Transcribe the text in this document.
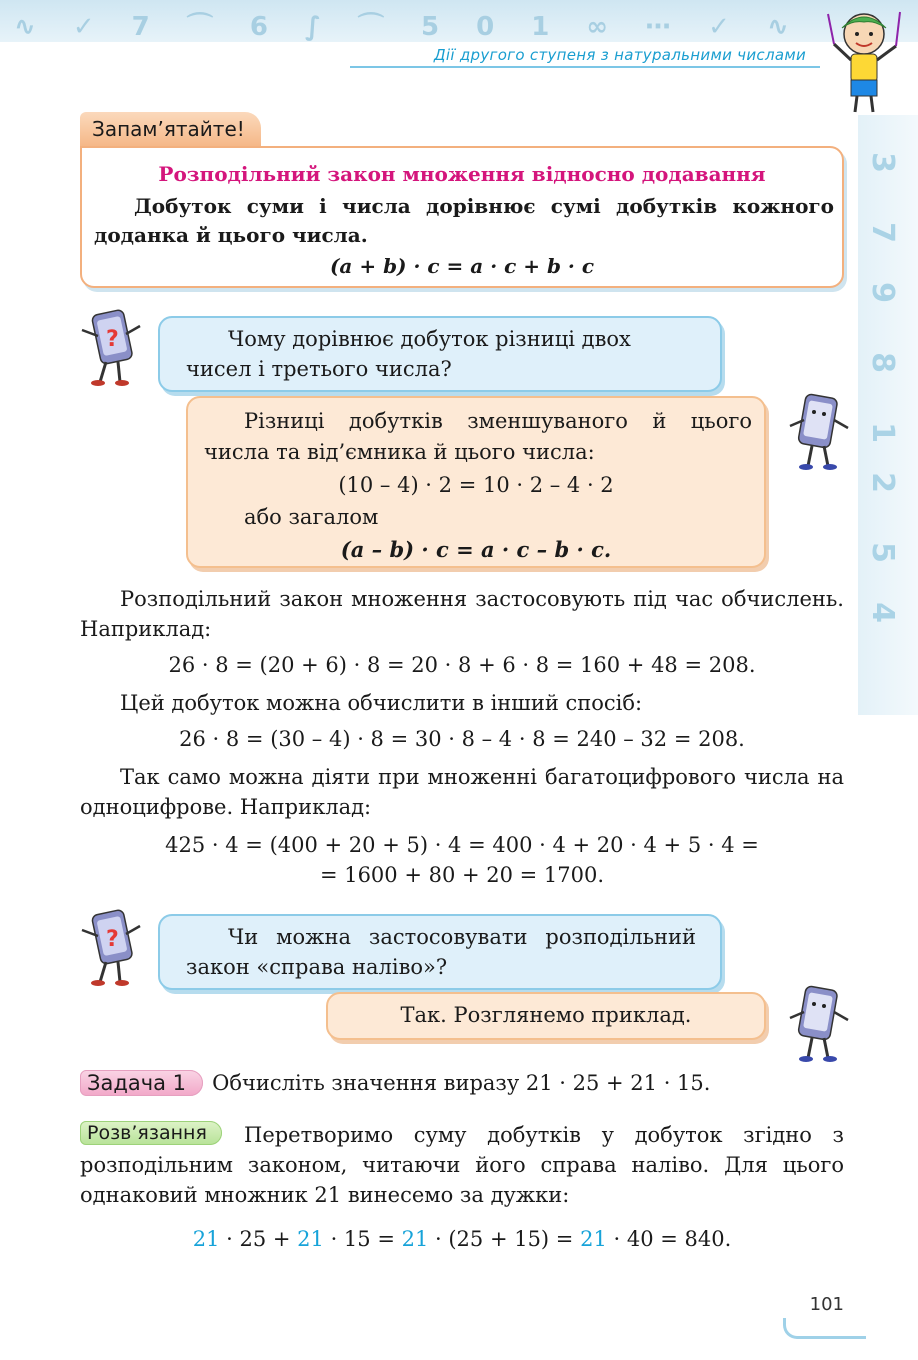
∿ ✓ 7 ⌒ 6 ∫ ⌒ 5 0 1 ∞ ⋯ ✓ ∿
Дії другого ступеня з натуральними числами
3
7
9
8
1
2
5
4
Запам’ятайте!
Розподільний закон множення відносно додавання
Добуток суми і числа дорівнює сумі добутків кожного доданка й цього числа.
(a + b) · c = a · c + b · c
?	Чому дорівнює добуток різниці двох чисел і третього числа?
Різниці добутків зменшуваного й цього числа та від’ємника й цього числа:
(10 – 4) · 2 = 10 · 2 – 4 · 2
або загалом
(a – b) · c = a · c – b · c.
Розподільний закон множення застосовують під час обчислень. Наприклад:
26 · 8 = (20 + 6) · 8 = 20 · 8 + 6 · 8 = 160 + 48 = 208.
Цей добуток можна обчислити в інший спосіб:
26 · 8 = (30 – 4) · 8 = 30 · 8 – 4 · 8 = 240 – 32 = 208.
Так само можна діяти при множенні багатоцифрового числа на одноцифрове. Наприклад:
425 · 4 = (400 + 20 + 5) · 4 = 400 · 4 + 20 · 4 + 5 · 4 =
= 1600 + 80 + 20 = 1700.
?	Чи можна застосовувати розподільний закон «справа наліво»?
Так. Розглянемо приклад.
Задача 1 Обчисліть значення виразу 21 · 25 + 21 · 15.
Розв’язання	Перетворимо суму добутків у добуток згідно з розподільним законом, читаючи його справа наліво. Для цього однаковий множник 21 винесемо за дужки:
21 · 25 + 21 · 15 = 21 · (25 + 15) = 21 · 40 = 840.
101
